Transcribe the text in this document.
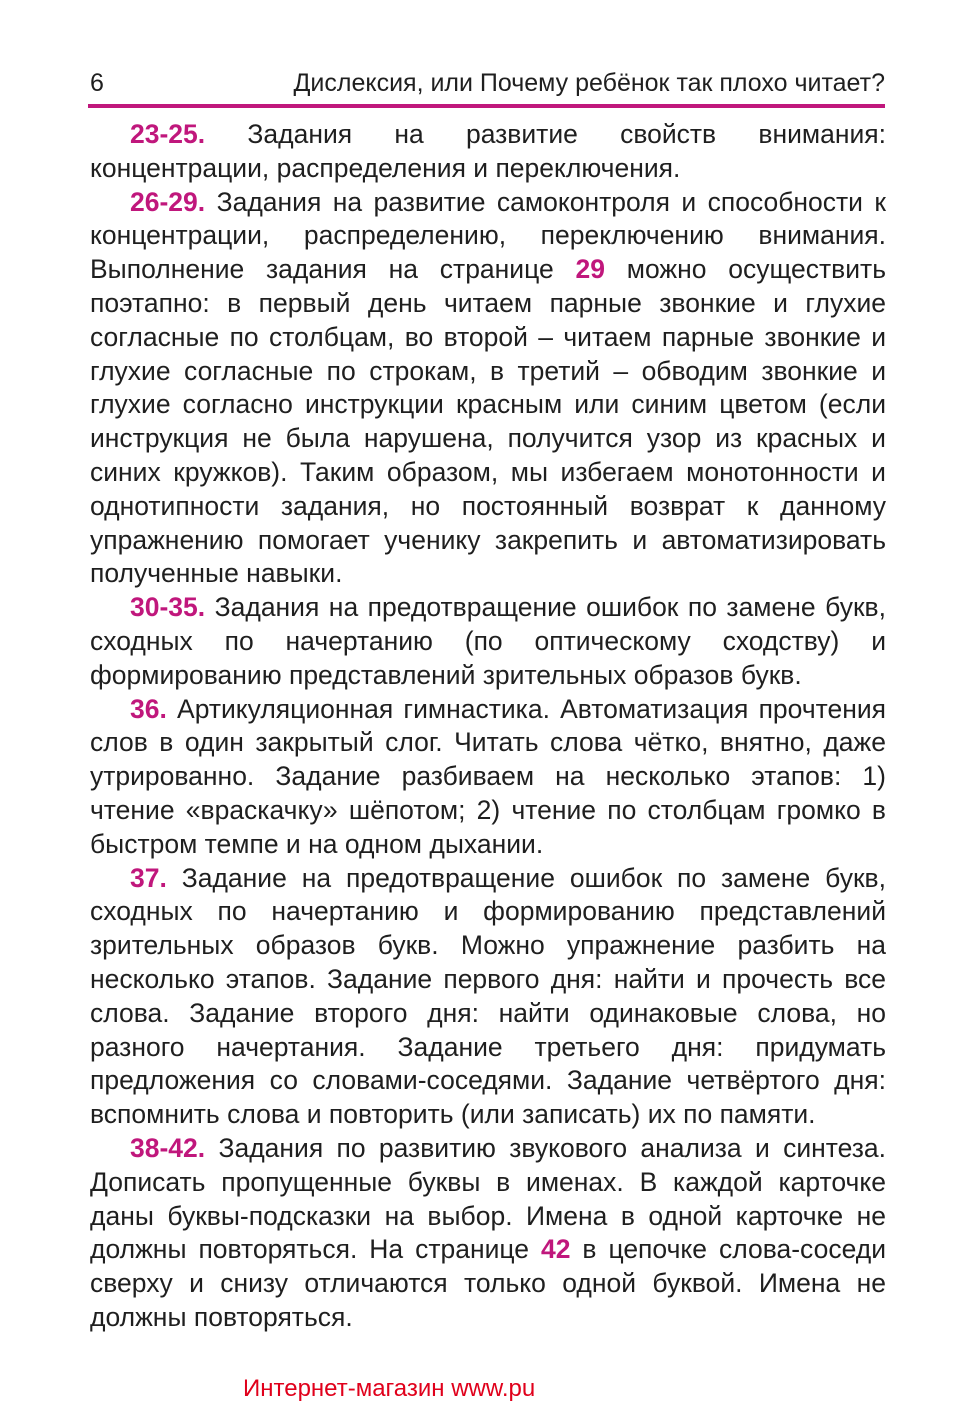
6	Дислексия, или Почему ребёнок так плохо читает?

23-25. Задания на развитие свойств внимания: концентрации, распределения и переключения.

26-29. Задания на развитие самоконтроля и способности к концентрации, распределению, переключению внимания. Выполнение задания на странице 29 можно осуществить поэтапно: в первый день читаем парные звонкие и глухие согласные по столбцам, во второй – читаем парные звонкие и глухие согласные по строкам, в третий – обводим звонкие и глухие согласно инструкции красным или синим цветом (если инструкция не была нарушена, получится узор из красных и синих кружков). Таким образом, мы избегаем монотонности и однотипности задания, но постоянный возврат к данному упражнению помогает ученику закрепить и автоматизировать полученные навыки.

30-35. Задания на предотвращение ошибок по замене букв, сходных по начертанию (по оптическому сходству) и формированию представлений зрительных образов букв.

36. Артикуляционная гимнастика. Автоматизация прочтения слов в один закрытый слог. Читать слова чётко, внятно, даже утрированно. Задание разбиваем на несколько этапов: 1) чтение «враскачку» шёпотом; 2) чтение по столбцам громко в быстром темпе и на одном дыхании.

37. Задание на предотвращение ошибок по замене букв, сходных по начертанию и формированию представлений зрительных образов букв. Можно упражнение разбить на несколько этапов. Задание первого дня: найти и прочесть все слова. Задание второго дня: найти одинаковые слова, но разного начертания. Задание третьего дня: придумать предложения со словами-соседями. Задание четвёртого дня: вспомнить слова и повторить (или записать) их по памяти.

38-42. Задания по развитию звукового анализа и синтеза. Дописать пропущенные буквы в именах. В каждой карточке даны буквы-подсказки на выбор. Имена в одной карточке не должны повторяться. На странице 42 в цепочке слова-соседи сверху и снизу отличаются только одной буквой. Имена не должны повторяться.

Интернет-магазин www.pu
